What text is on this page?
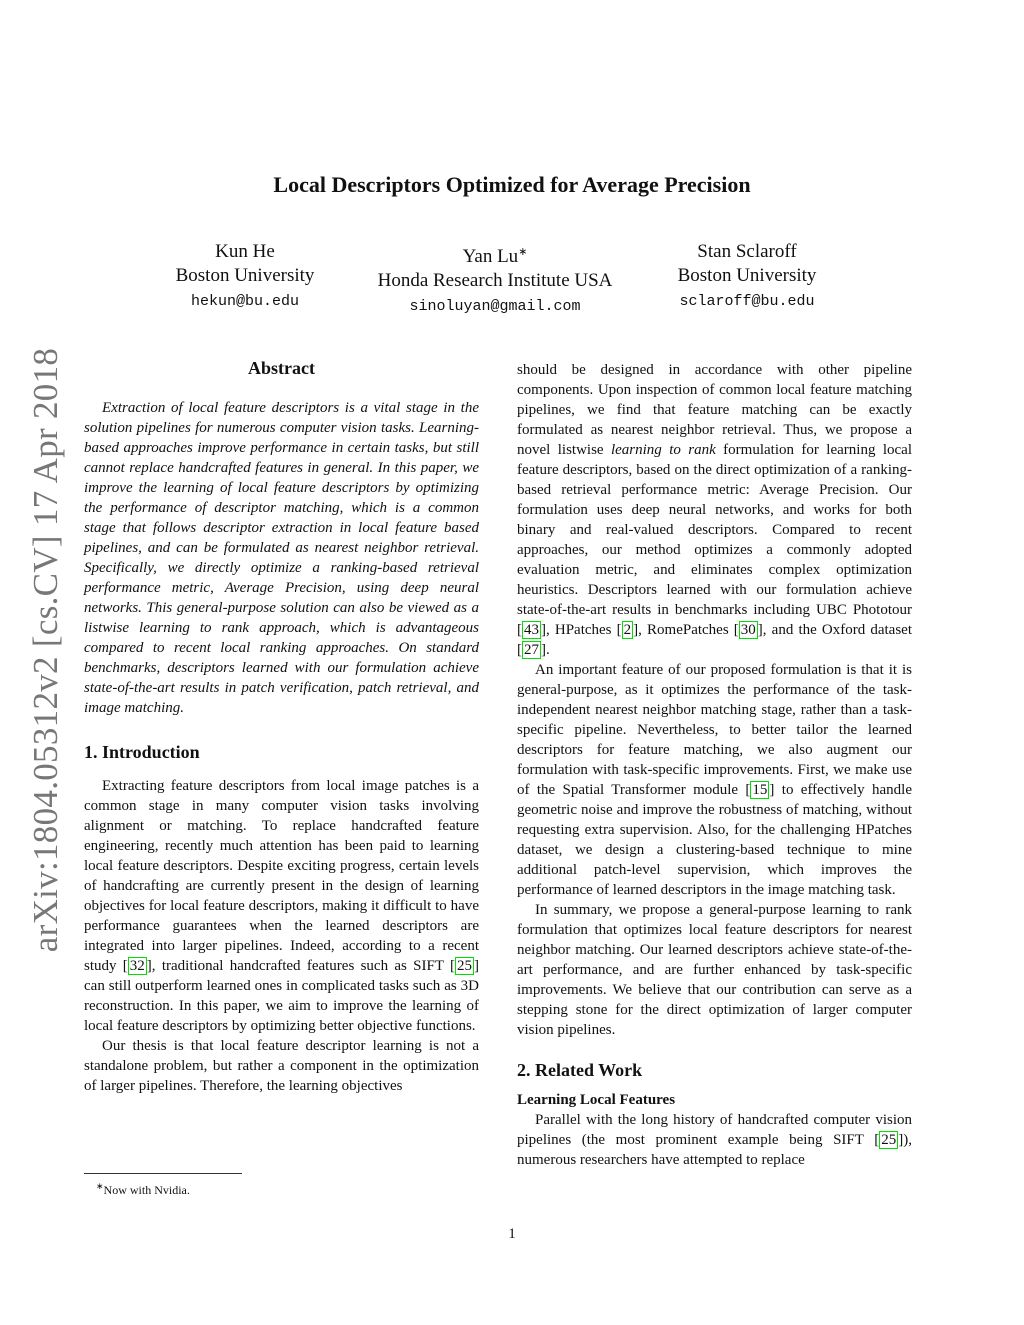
arXiv:1804.05312v2 [cs.CV] 17 Apr 2018
Local Descriptors Optimized for Average Precision
Kun He
Boston University
hekun@bu.edu
Yan Lu∗
Honda Research Institute USA
sinoluyan@gmail.com
Stan Sclaroff
Boston University
sclaroff@bu.edu
Abstract

Extraction of local feature descriptors is a vital stage in the solution pipelines for numerous computer vision tasks. Learning-based approaches improve performance in certain tasks, but still cannot replace handcrafted features in general. In this paper, we improve the learning of local feature descriptors by optimizing the performance of descriptor matching, which is a common stage that follows descriptor extraction in local feature based pipelines, and can be formulated as nearest neighbor retrieval. Specifically, we directly optimize a ranking-based retrieval performance metric, Average Precision, using deep neural networks. This general-purpose solution can also be viewed as a listwise learning to rank approach, which is advantageous compared to recent local ranking approaches. On standard benchmarks, descriptors learned with our formulation achieve state-of-the-art results in patch verification, patch retrieval, and image matching.

1. Introduction

Extracting feature descriptors from local image patches is a common stage in many computer vision tasks involving alignment or matching. To replace handcrafted feature engineering, recently much attention has been paid to learning local feature descriptors. Despite exciting progress, certain levels of handcrafting are currently present in the design of learning objectives for local feature descriptors, making it difficult to have performance guarantees when the learned descriptors are integrated into larger pipelines. Indeed, according to a recent study [ 32 ], traditional handcrafted features such as SIFT [ 25 ] can still outperform learned ones in complicated tasks such as 3D reconstruction. In this paper, we aim to improve the learning of local feature descriptors by optimizing better objective functions.

Our thesis is that local feature descriptor learning is not a standalone problem, but rather a component in the optimization of larger pipelines. Therefore, the learning objectives

should be designed in accordance with other pipeline components. Upon inspection of common local feature matching pipelines, we find that feature matching can be exactly formulated as nearest neighbor retrieval. Thus, we propose a novel listwise learning to rank formulation for learning local feature descriptors, based on the direct optimization of a ranking-based retrieval performance metric: Average Precision. Our formulation uses deep neural networks, and works for both binary and real-valued descriptors. Compared to recent approaches, our method optimizes a commonly adopted evaluation metric, and eliminates complex optimization heuristics. Descriptors learned with our formulation achieve state-of-the-art results in benchmarks including UBC Phototour [ 43 ], HPatches [ 2 ], RomePatches [ 30 ], and the Oxford dataset [ 27 ].

An important feature of our proposed formulation is that it is general-purpose, as it optimizes the performance of the task-independent nearest neighbor matching stage, rather than a task-specific pipeline. Nevertheless, to better tailor the learned descriptors for feature matching, we also augment our formulation with task-specific improvements. First, we make use of the Spatial Transformer module [ 15 ] to effectively handle geometric noise and improve the robustness of matching, without requesting extra supervision. Also, for the challenging HPatches dataset, we design a clustering-based technique to mine additional patch-level supervision, which improves the performance of learned descriptors in the image matching task.

In summary, we propose a general-purpose learning to rank formulation that optimizes local feature descriptors for nearest neighbor matching. Our learned descriptors achieve state-of-the-art performance, and are further enhanced by task-specific improvements. We believe that our contribution can serve as a stepping stone for the direct optimization of larger computer vision pipelines.

2. Related Work
Learning Local Features

Parallel with the long history of handcrafted computer vision pipelines (the most prominent example being SIFT [ 25 ]), numerous researchers have attempted to replace

∗Now with Nvidia.
1
